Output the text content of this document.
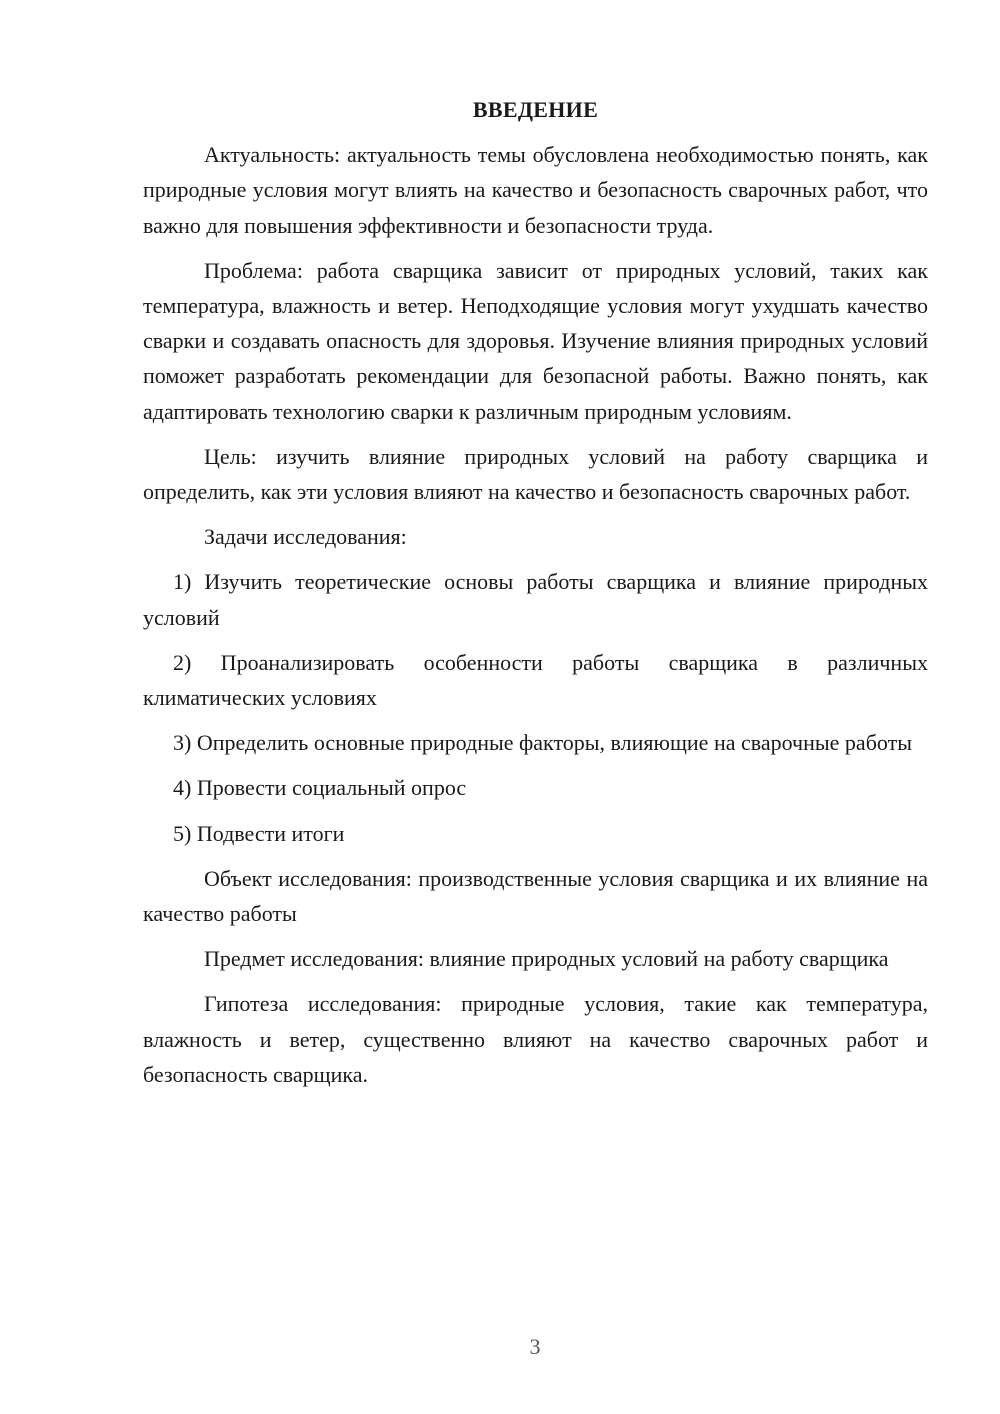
ВВЕДЕНИЕ

Актуальность: актуальность темы обусловлена необходимостью понять, как природные условия могут влиять на качество и безопасность сварочных работ, что важно для повышения эффективности и безопасности труда.

Проблема: работа сварщика зависит от природных условий, таких как температура, влажность и ветер. Неподходящие условия могут ухудшать качество сварки и создавать опасность для здоровья. Изучение влияния природных условий поможет разработать рекомендации для безопасной работы. Важно понять, как адаптировать технологию сварки к различным природным условиям.

Цель: изучить влияние природных условий на работу сварщика и определить, как эти условия влияют на качество и безопасность сварочных работ.

Задачи исследования:

1) Изучить теоретические основы работы сварщика и влияние природных условий

2) Проанализировать особенности работы сварщика в различных климатических условиях

3) Определить основные природные факторы, влияющие на сварочные работы

4) Провести социальный опрос

5) Подвести итоги

Объект исследования: производственные условия сварщика и их влияние на качество работы

Предмет исследования: влияние природных условий на работу сварщика

Гипотеза исследования: природные условия, такие как температура, влажность и ветер, существенно влияют на качество сварочных работ и безопасность сварщика.

3
